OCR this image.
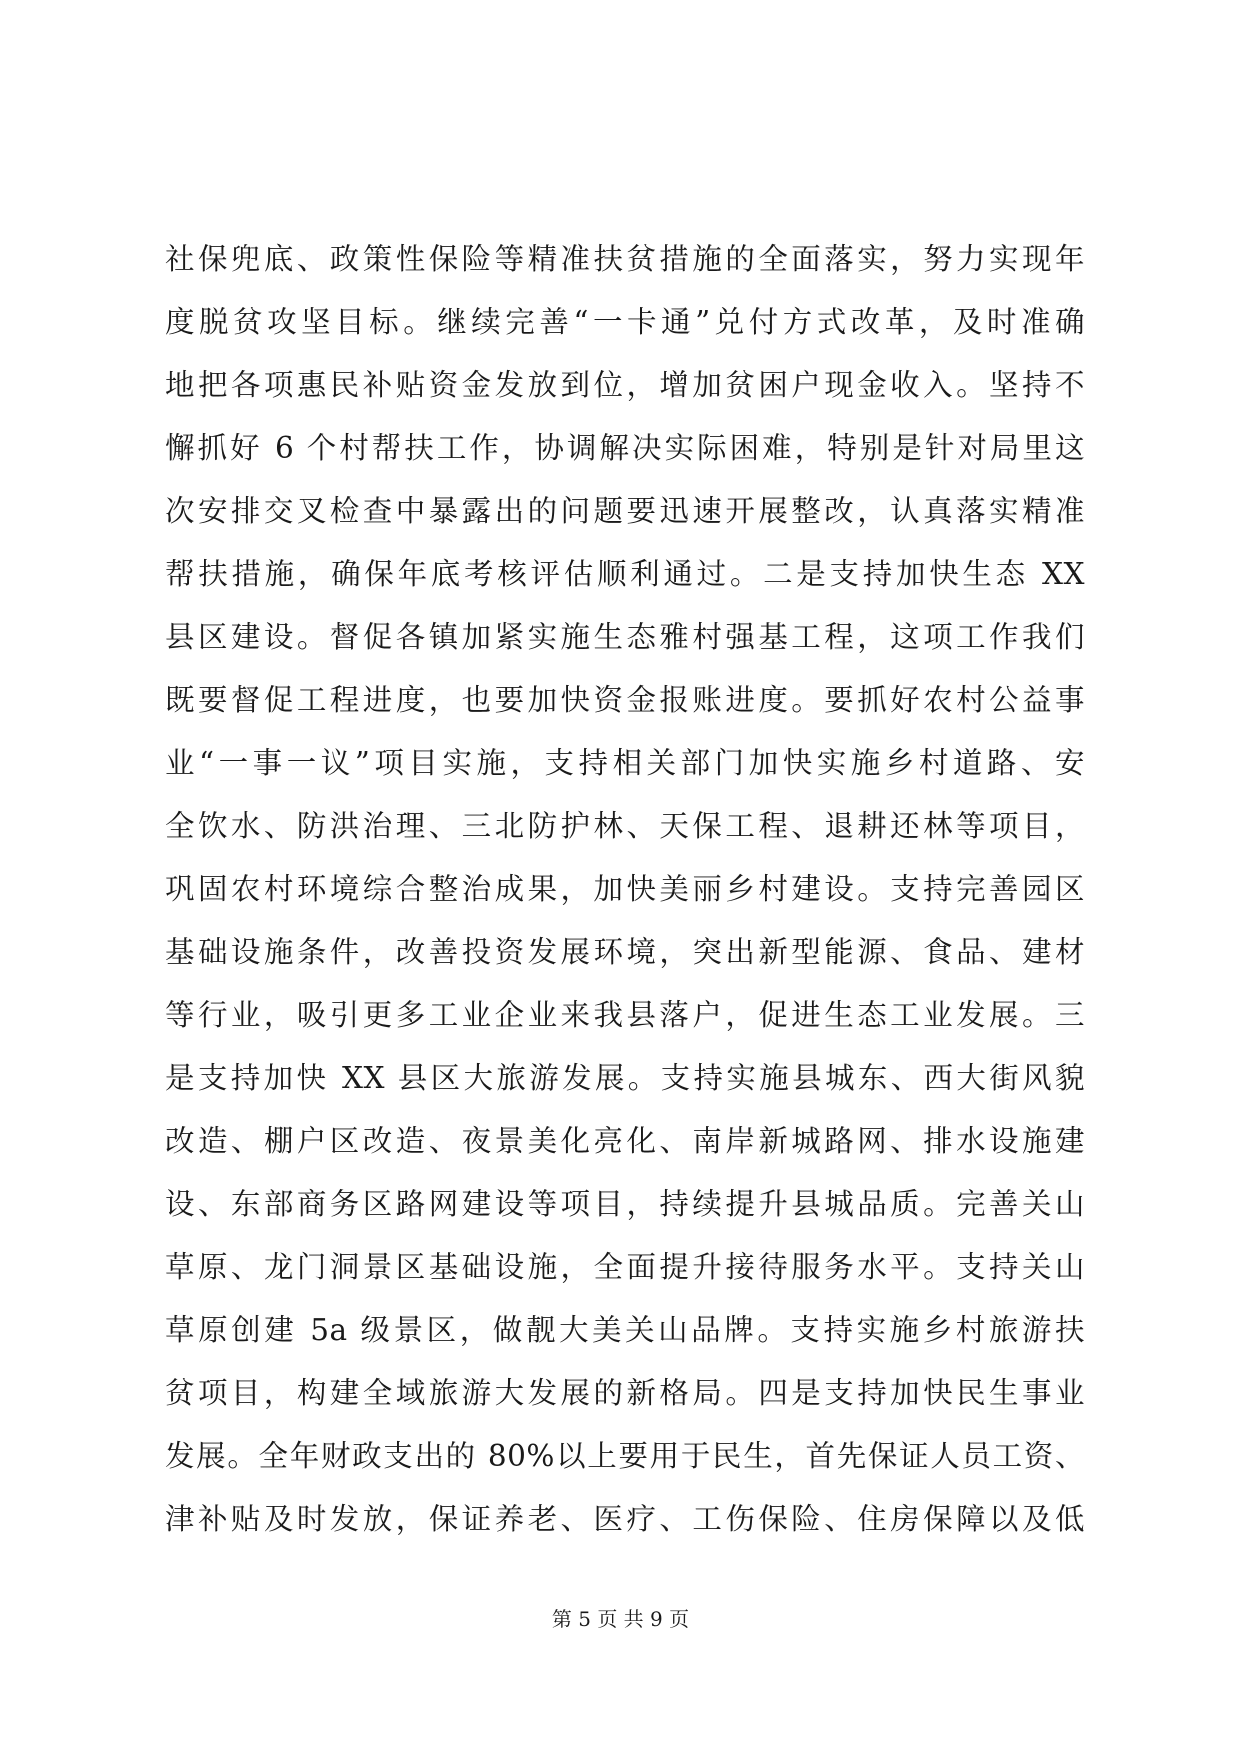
社保兜底、政策性保险等精准扶贫措施的全面落实，努力实现年
度脱贫攻坚目标。继续完善“一卡通”兑付方式改革，及时准确
地把各项惠民补贴资金发放到位，增加贫困户现金收入。坚持不
懈抓好 6 个村帮扶工作，协调解决实际困难，特别是针对局里这
次安排交叉检查中暴露出的问题要迅速开展整改，认真落实精准
帮扶措施，确保年底考核评估顺利通过。二是支持加快生态 XX
县区建设。督促各镇加紧实施生态雅村强基工程，这项工作我们
既要督促工程进度，也要加快资金报账进度。要抓好农村公益事
业“一事一议”项目实施，支持相关部门加快实施乡村道路、安
全饮水、防洪治理、三北防护林、天保工程、退耕还林等项目，
巩固农村环境综合整治成果，加快美丽乡村建设。支持完善园区
基础设施条件，改善投资发展环境，突出新型能源、食品、建材
等行业，吸引更多工业企业来我县落户，促进生态工业发展。三
是支持加快 XX 县区大旅游发展。支持实施县城东、西大街风貌
改造、棚户区改造、夜景美化亮化、南岸新城路网、排水设施建
设、东部商务区路网建设等项目，持续提升县城品质。完善关山
草原、龙门洞景区基础设施，全面提升接待服务水平。支持关山
草原创建 5a 级景区，做靓大美关山品牌。支持实施乡村旅游扶
贫项目，构建全域旅游大发展的新格局。四是支持加快民生事业
发展。全年财政支出的 80%以上要用于民生，首先保证人员工资、
津补贴及时发放，保证养老、医疗、工伤保险、住房保障以及低
第 5 页 共 9 页
